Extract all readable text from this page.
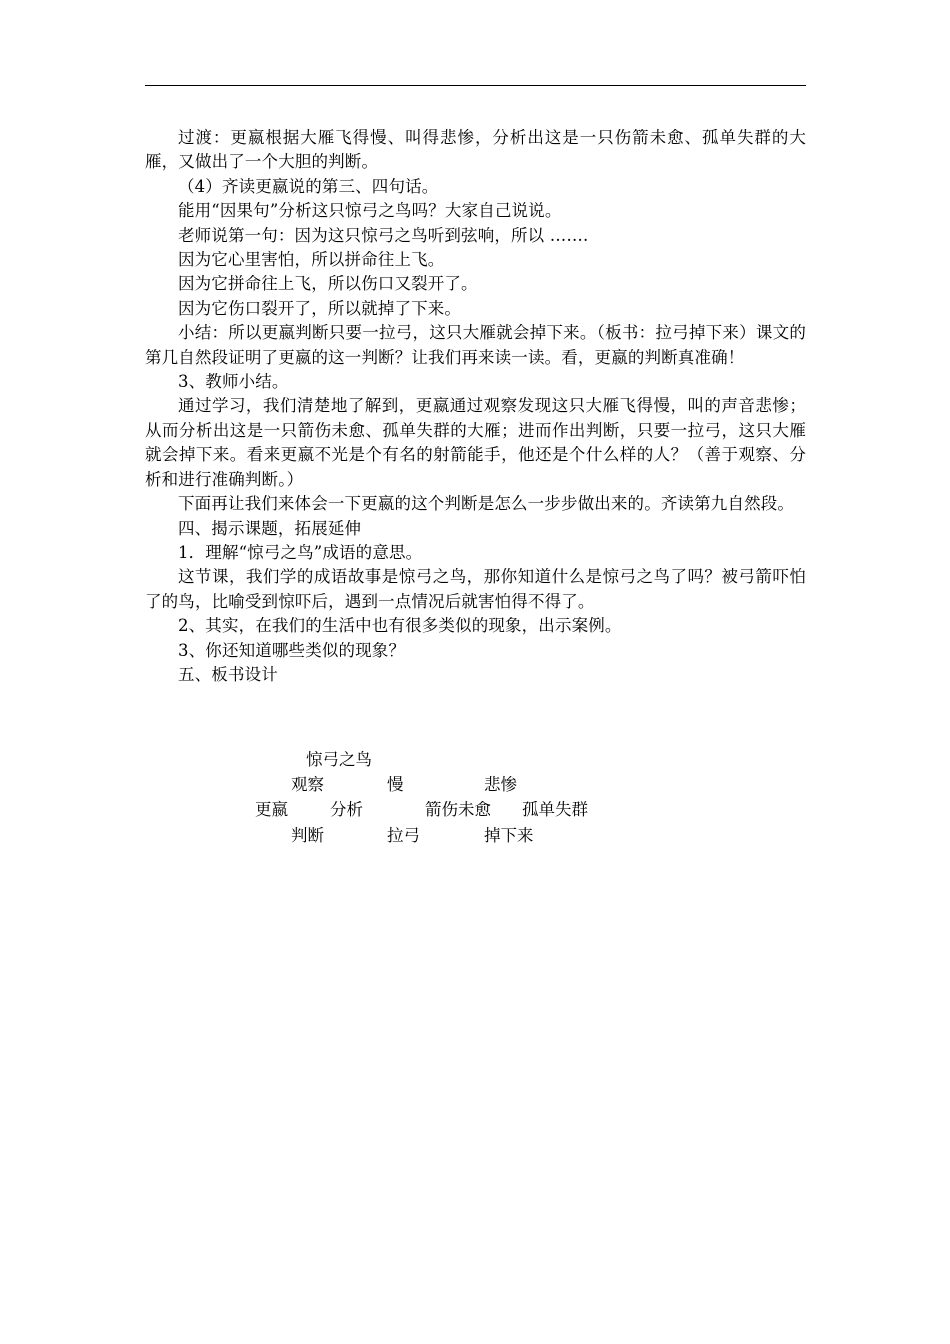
过渡：更嬴根据大雁飞得慢、叫得悲惨，分析出这是一只伤箭未愈、孤单失群的大雁，又做出了一个大胆的判断。

（4）齐读更嬴说的第三、四句话。

能用“因果句”分析这只惊弓之鸟吗？大家自己说说。

老师说第一句：因为这只惊弓之鸟听到弦响，所以 …….

因为它心里害怕，所以拼命往上飞。

因为它拼命往上飞，所以伤口又裂开了。

因为它伤口裂开了，所以就掉了下来。

小结：所以更嬴判断只要一拉弓，这只大雁就会掉下来。（板书：拉弓掉下来）课文的第几自然段证明了更嬴的这一判断？让我们再来读一读。看，更嬴的判断真准确！

3、教师小结。

通过学习，我们清楚地了解到，更嬴通过观察发现这只大雁飞得慢，叫的声音悲惨；从而分析出这是一只箭伤未愈、孤单失群的大雁；进而作出判断，只要一拉弓，这只大雁就会掉下来。看来更嬴不光是个有名的射箭能手，他还是个什么样的人？（善于观察、分析和进行准确判断。）

下面再让我们来体会一下更嬴的这个判断是怎么一步步做出来的。齐读第九自然段。

四、揭示课题，拓展延伸

1．理解“惊弓之鸟”成语的意思。

这节课，我们学的成语故事是惊弓之鸟，那你知道什么是惊弓之鸟了吗？被弓箭吓怕了的鸟，比喻受到惊吓后，遇到一点情况后就害怕得不得了。

2、其实，在我们的生活中也有很多类似的现象，出示案例。

3、你还知道哪些类似的现象？

五、板书设计

惊弓之鸟
观察	慢	悲惨
更嬴	分析	箭伤未愈 孤单失群
判断	拉弓	掉下来
